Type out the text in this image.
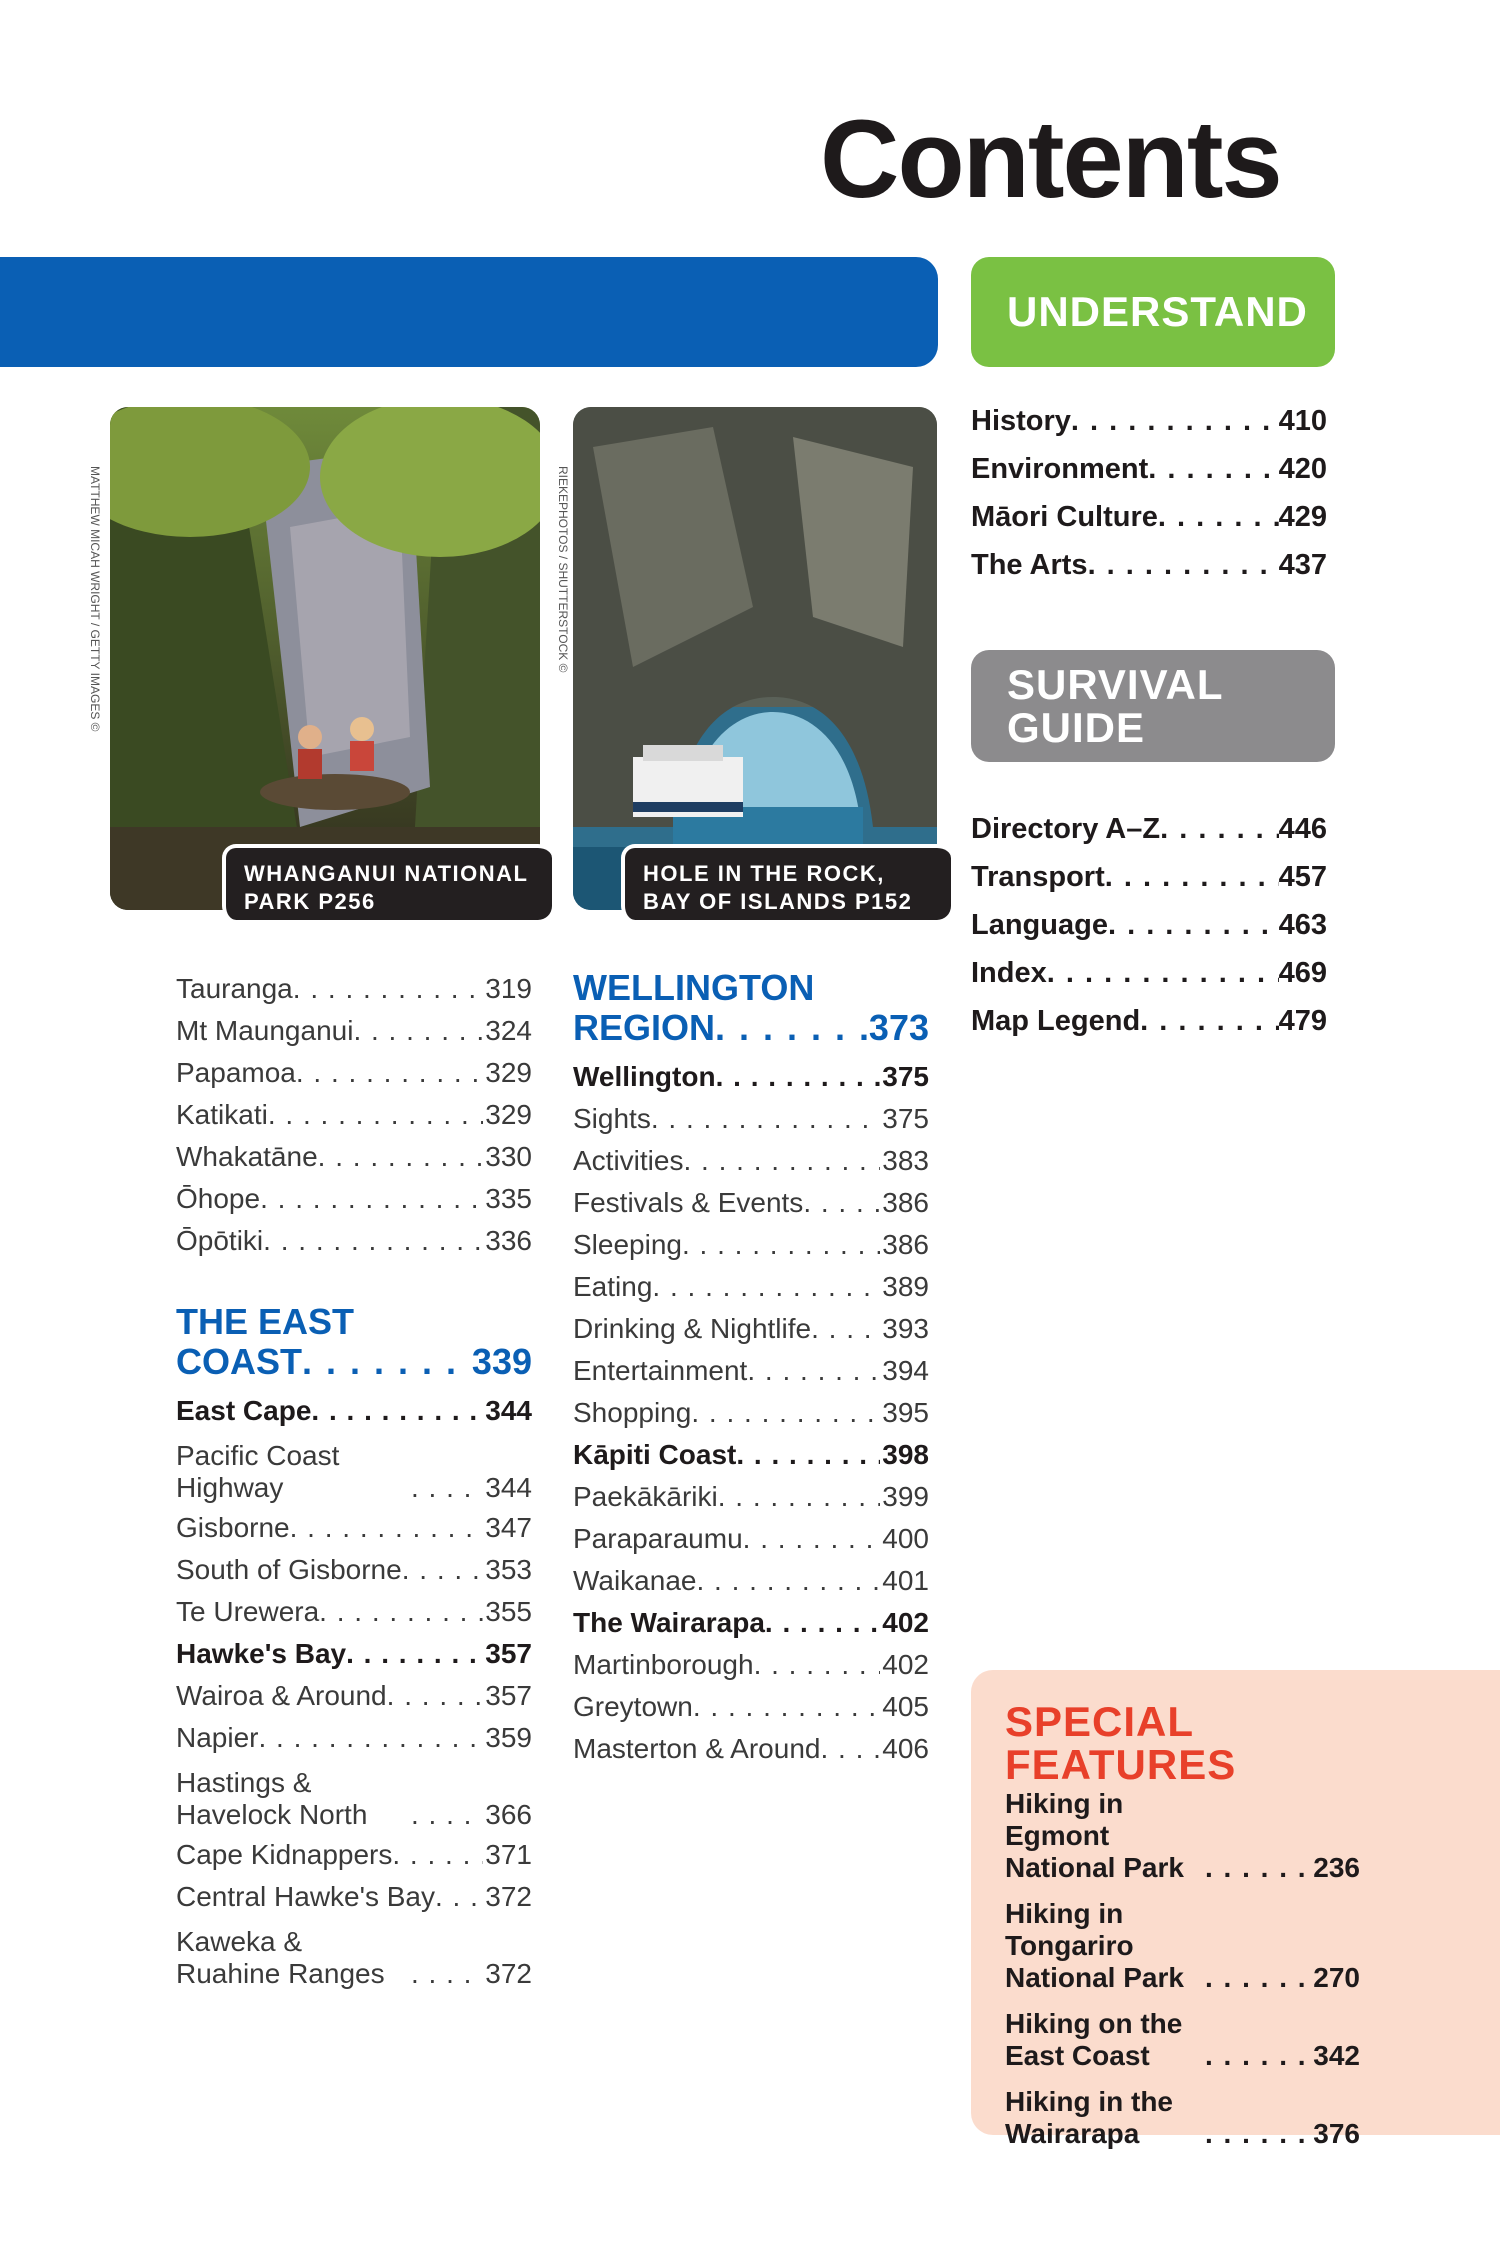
Contents
UNDERSTAND
WHANGANUI NATIONAL
PARK P256
HOLE IN THE ROCK,
BAY OF ISLANDS P152
MATTHEW MICAH WRIGHT / GETTY IMAGES ©	RIEKEPHOTOS / SHUTTERSTOCK ©
History . . .	410
Environment . . .	420
Māori Culture . . .	429
The Arts . . .	437
SURVIVAL
GUIDE
Directory A–Z . . .	446
Transport . . .	457
Language . . .	463
Index . . .	469
Map Legend . . .	479
Tauranga . . .	319
Mt Maunganui . . .	324
Papamoa . . .	329
Katikati . . .	329
Whakatāne . . .	330
Ōhope . . .	335
Ōpōtiki . . .	336
THE EAST
COAST . . .	339
East Cape . . .	344
Pacific Coast Highway . . .	344
Gisborne . . .	347
South of Gisborne . . .	353
Te Urewera . . .	355
Hawke's Bay . . .	357
Wairoa & Around . . .	357
Napier . . .	359
Hastings & Havelock North . . .	366
Cape Kidnappers . . .	371
Central Hawke's Bay . . . 372
Kaweka & Ruahine Ranges . . .	372
WELLINGTON
REGION . . .	373
Wellington . . .	375
Sights . . .	375
Activities . . .	383
Festivals & Events . . .	386
Sleeping . . .	386
Eating . . .	389
Drinking & Nightlife . . .	393
Entertainment . . .	394
Shopping . . .	395
Kāpiti Coast . . .	398
Paekākāriki . . .	399
Paraparaumu . . .	400
Waikanae . . .	401
The Wairarapa . . .	402
Martinborough . . .	402
Greytown . . .	405
Masterton & Around . . . 406
SPECIAL
FEATURES
Hiking in Egmont National Park . . .	236
Hiking in Tongariro National Park . . .	270
Hiking on the East Coast . . .	342
Hiking in the Wairarapa . . .	376
